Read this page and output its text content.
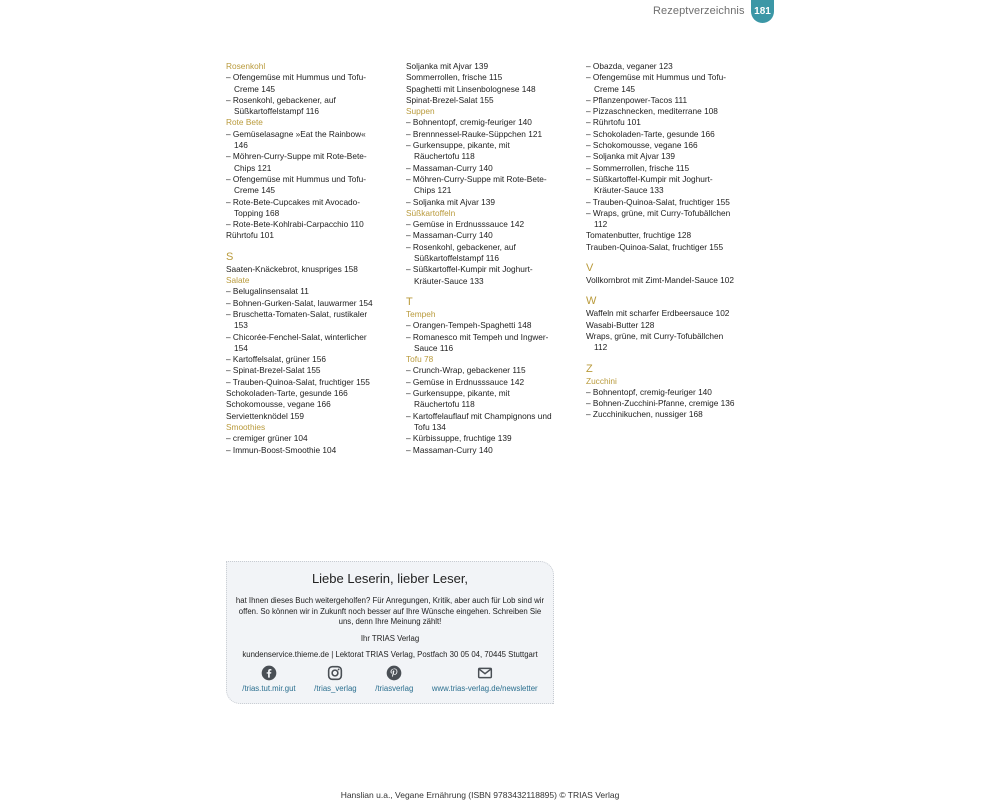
Rezeptverzeichnis 181
Rosenkohl
– Ofengemüse mit Hummus und Tofu-
Creme 145
– Rosenkohl, gebackener, auf
Süßkartoffelstampf 116
Rote Bete
– Gemüselasagne »Eat the Rainbow«
146
– Möhren-Curry-Suppe mit Rote-Bete-
Chips 121
– Ofengemüse mit Hummus und Tofu-
Creme 145
– Rote-Bete-Cupcakes mit Avocado-
Topping 168
– Rote-Bete-Kohlrabi-Carpacchio 110
Rührtofu 101
S
Saaten-Knäckebrot, knuspriges 158
Salate
– Belugalinsensalat 11
– Bohnen-Gurken-Salat, lauwarmer 154
– Bruschetta-Tomaten-Salat, rustikaler
153
– Chicorée-Fenchel-Salat, winterlicher
154
– Kartoffelsalat, grüner 156
– Spinat-Brezel-Salat 155
– Trauben-Quinoa-Salat, fruchtiger 155
Schokoladen-Tarte, gesunde 166
Schokomousse, vegane 166
Serviettenknödel 159
Smoothies
– cremiger grüner 104
– Immun-Boost-Smoothie 104
Soljanka mit Ajvar 139
Sommerrollen, frische 115
Spaghetti mit Linsenbolognese 148
Spinat-Brezel-Salat 155
Suppen
– Bohnentopf, cremig-feuriger 140
– Brennnessel-Rauke-Süppchen 121
– Gurkensuppe, pikante, mit
Räuchertofu 118
– Massaman-Curry 140
– Möhren-Curry-Suppe mit Rote-Bete-
Chips 121
– Soljanka mit Ajvar 139
Süßkartoffeln
– Gemüse in Erdnusssauce 142
– Massaman-Curry 140
– Rosenkohl, gebackener, auf
Süßkartoffelstampf 116
– Süßkartoffel-Kumpir mit Joghurt-
Kräuter-Sauce 133
T
Tempeh
– Orangen-Tempeh-Spaghetti 148
– Romanesco mit Tempeh und Ingwer-
Sauce 116
Tofu 78
– Crunch-Wrap, gebackener 115
– Gemüse in Erdnusssauce 142
– Gurkensuppe, pikante, mit
Räuchertofu 118
– Kartoffelauflauf mit Champignons und
Tofu 134
– Kürbissuppe, fruchtige 139
– Massaman-Curry 140
– Obazda, veganer 123
– Ofengemüse mit Hummus und Tofu-
Creme 145
– Pflanzenpower-Tacos 111
– Pizzaschnecken, mediterrane 108
– Rührtofu 101
– Schokoladen-Tarte, gesunde 166
– Schokomousse, vegane 166
– Soljanka mit Ajvar 139
– Sommerrollen, frische 115
– Süßkartoffel-Kumpir mit Joghurt-
Kräuter-Sauce 133
– Trauben-Quinoa-Salat, fruchtiger 155
– Wraps, grüne, mit Curry-Tofubällchen
112
Tomatenbutter, fruchtige 128
Trauben-Quinoa-Salat, fruchtiger 155
V
Vollkornbrot mit Zimt-Mandel-Sauce 102
W
Waffeln mit scharfer Erdbeersauce 102
Wasabi-Butter 128
Wraps, grüne, mit Curry-Tofubällchen
112
Z
Zucchini
– Bohnentopf, cremig-feuriger 140
– Bohnen-Zucchini-Pfanne, cremige 136
– Zucchinikuchen, nussiger 168
Liebe Leserin, lieber Leser,
hat Ihnen dieses Buch weitergeholfen? Für Anregungen, Kritik, aber auch für Lob sind wir offen. So können wir in Zukunft noch besser auf Ihre Wünsche eingehen. Schreiben Sie uns, denn Ihre Meinung zählt!
Ihr TRIAS Verlag
kundenservice.thieme.de | Lektorat TRIAS Verlag, Postfach 30 05 04, 70445 Stuttgart
/trias.tut.mir.gut /trias_verlag /triasverlag www.trias-verlag.de/newsletter
Hanslian u.a., Vegane Ernährung (ISBN 9783432118895) © TRIAS Verlag
